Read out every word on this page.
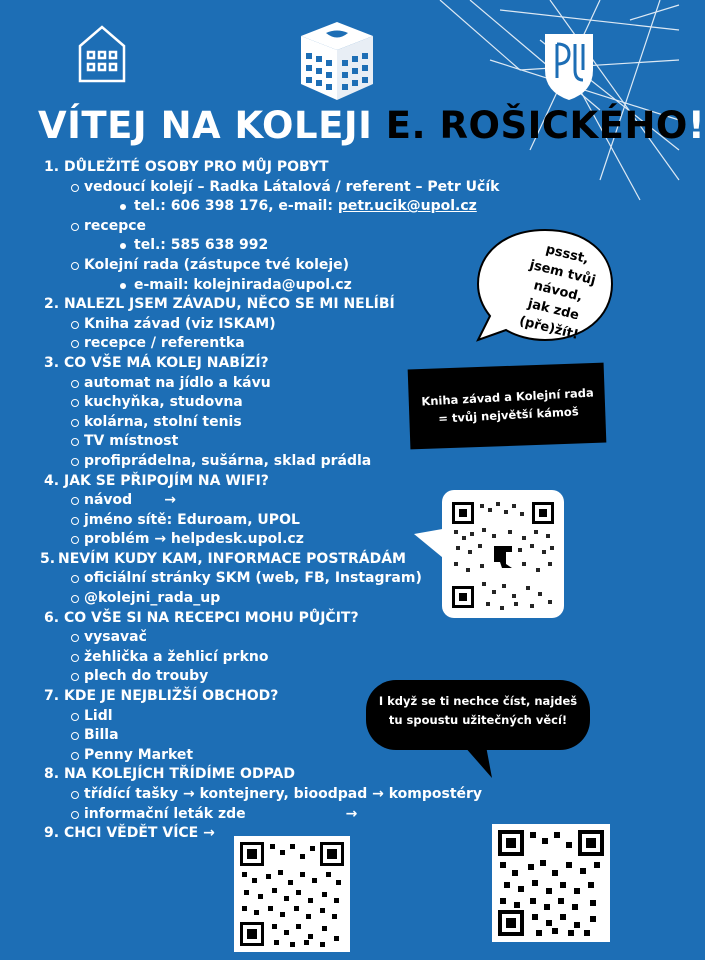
VÍTEJ NA KOLEJI E. ROŠICKÉHO!
1. DŮLEŽITÉ OSOBY PRO MŮJ POBYT
vedoucí kolejí – Radka Látalová / referent – Petr Učík
tel.: 606 398 176, e-mail: petr.ucik@upol.cz
recepce
tel.: 585 638 992
Kolejní rada (zástupce tvé koleje)
e-mail: kolejnirada@upol.cz
2. NALEZL JSEM ZÁVADU, NĚCO SE MI NELÍBÍ
Kniha závad (viz ISKAM)
recepce / referentka
3. CO VŠE MÁ KOLEJ NABÍZÍ?
automat na jídlo a kávu
kuchyňka, studovna
kolárna, stolní tenis
TV místnost
profiprádelna, sušárna, sklad prádla
4. JAK SE PŘIPOJÍM NA WIFI?
návod →
jméno sítě: Eduroam, UPOL
problém → helpdesk.upol.cz
5. NEVÍM KUDY KAM, INFORMACE POSTRÁDÁM
oficiální stránky SKM (web, FB, Instagram)
@kolejni_rada_up
6. CO VŠE SI NA RECEPCI MOHU PŮJČIT?
vysavač
žehlička a žehlicí prkno
plech do trouby
7. KDE JE NEJBLIŽŠÍ OBCHOD?
Lidl
Billa
Penny Market
8. NA KOLEJÍCH TŘÍDÍME ODPAD
třídící tašky → kontejnery, bioodpad → kompostéry
informační leták zde	→
9. CHCI VĚDĚT VÍCE →
pssst, jsem tvůj návod, jak zde (pře)žít!
Kniha závad a Kolejní rada = tvůj největší kámoš
I když se ti nechce číst, najdeš tu spoustu užitečných věcí!
